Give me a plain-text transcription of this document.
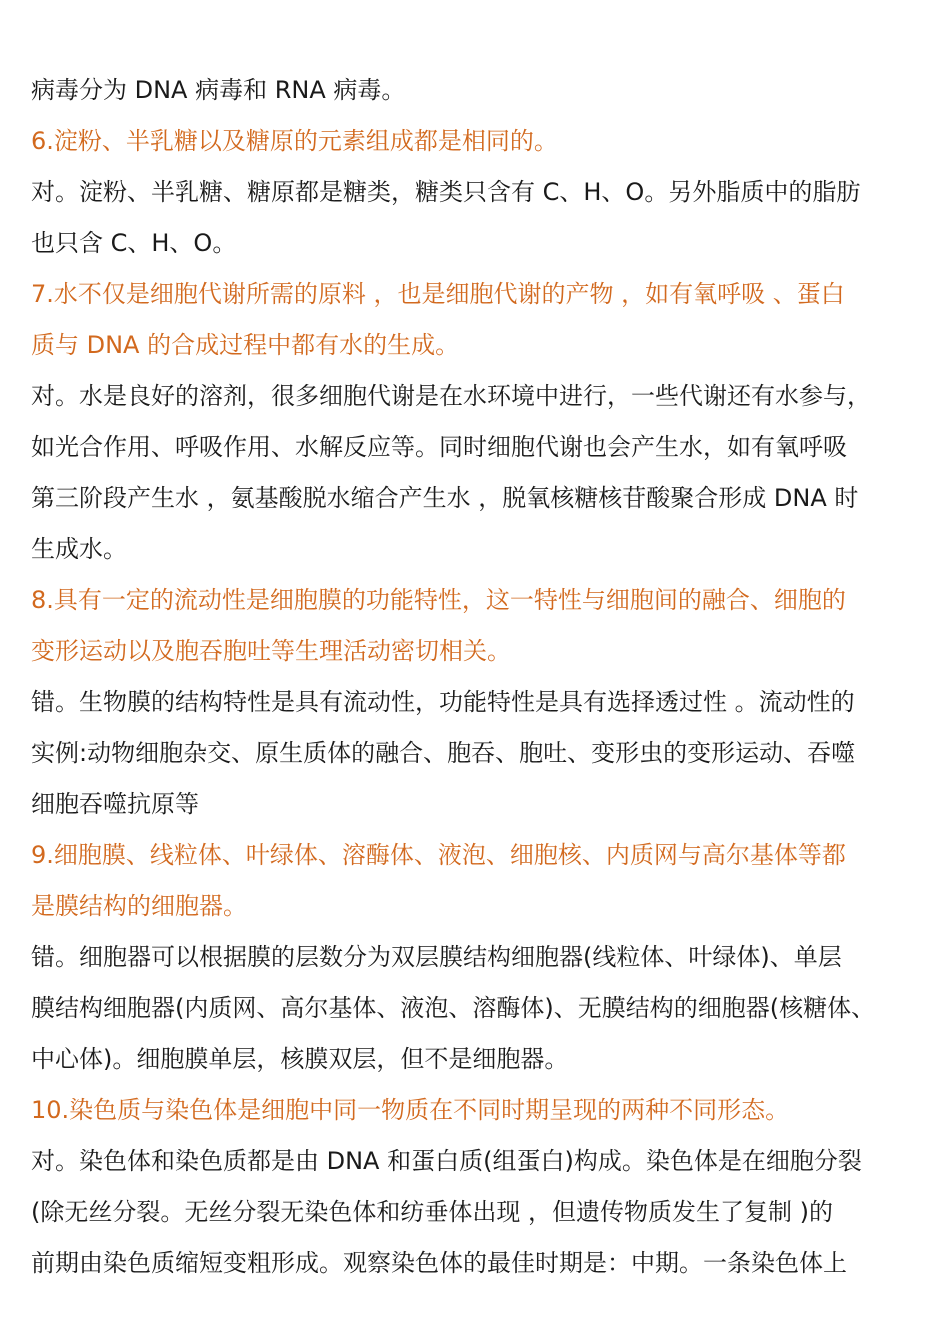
病毒分为 DNA 病毒和 RNA 病毒。
6.淀粉、半乳糖以及糖原的元素组成都是相同的。
对。淀粉、半乳糖、糖原都是糖类，糖类只含有 C、H、O。另外脂质中的脂肪
也只含 C、H、O。
7.水不仅是细胞代谢所需的原料 ，也是细胞代谢的产物 ，如有氧呼吸 、蛋白
质与 DNA 的合成过程中都有水的生成。
对。水是良好的溶剂，很多细胞代谢是在水环境中进行，一些代谢还有水参与，
如光合作用、呼吸作用、水解反应等。同时细胞代谢也会产生水，如有氧呼吸
第三阶段产生水 ，氨基酸脱水缩合产生水 ，脱氧核糖核苷酸聚合形成 DNA 时
生成水。
8.具有一定的流动性是细胞膜的功能特性，这一特性与细胞间的融合、细胞的
变形运动以及胞吞胞吐等生理活动密切相关。
错。生物膜的结构特性是具有流动性，功能特性是具有选择透过性 。流动性的
实例:动物细胞杂交、原生质体的融合、胞吞、胞吐、变形虫的变形运动、吞噬
细胞吞噬抗原等
9.细胞膜、线粒体、叶绿体、溶酶体、液泡、细胞核、内质网与高尔基体等都
是膜结构的细胞器。
错。细胞器可以根据膜的层数分为双层膜结构细胞器(线粒体、叶绿体)、单层
膜结构细胞器(内质网、高尔基体、液泡、溶酶体)、无膜结构的细胞器(核糖体、
中心体)。细胞膜单层，核膜双层，但不是细胞器。
10.染色质与染色体是细胞中同一物质在不同时期呈现的两种不同形态。
对。染色体和染色质都是由 DNA 和蛋白质(组蛋白)构成。染色体是在细胞分裂
(除无丝分裂。无丝分裂无染色体和纺垂体出现 ，但遗传物质发生了复制 )的
前期由染色质缩短变粗形成。观察染色体的最佳时期是：中期。一条染色体上
